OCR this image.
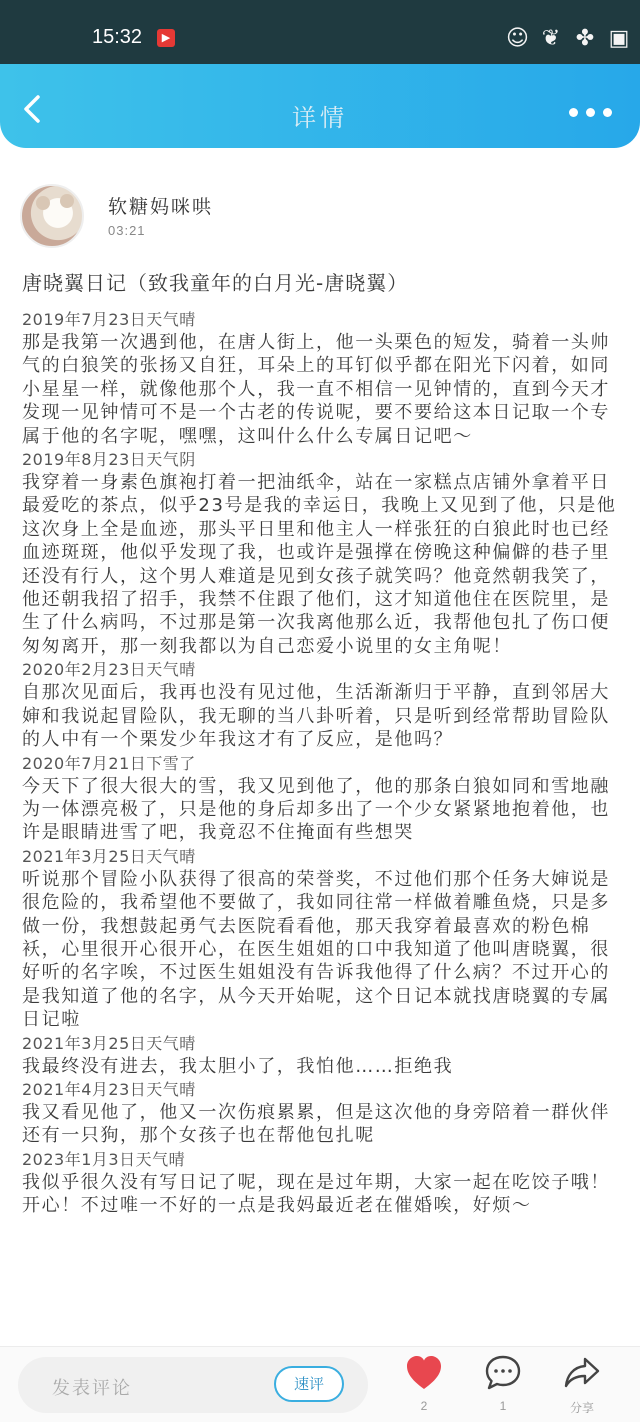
15:32	▶	☺ ❦ ✤ ▣
详情
软糖妈咪哄
03:21
唐晓翼日记（致我童年的白月光-唐晓翼）
2019年7月23日天气晴
那是我第一次遇到他，在唐人街上，他一头栗色的短发，骑着一头帅气的白狼笑的张扬又自狂，耳朵上的耳钉似乎都在阳光下闪着，如同小星星一样，就像他那个人，我一直不相信一见钟情的，直到今天才发现一见钟情可不是一个古老的传说呢，要不要给这本日记取一个专属于他的名字呢，嘿嘿，这叫什么什么专属日记吧～
2019年8月23日天气阴
我穿着一身素色旗袍打着一把油纸伞，站在一家糕点店铺外拿着平日最爱吃的茶点，似乎23号是我的幸运日，我晚上又见到了他，只是他这次身上全是血迹，那头平日里和他主人一样张狂的白狼此时也已经血迹斑斑，他似乎发现了我，也或许是强撑在傍晚这种偏僻的巷子里还没有行人，这个男人难道是见到女孩子就笑吗？他竟然朝我笑了，他还朝我招了招手，我禁不住跟了他们，这才知道他住在医院里，是生了什么病吗，不过那是第一次我离他那么近，我帮他包扎了伤口便匆匆离开，那一刻我都以为自己恋爱小说里的女主角呢！
2020年2月23日天气晴
自那次见面后，我再也没有见过他，生活渐渐归于平静，直到邻居大婶和我说起冒险队，我无聊的当八卦听着，只是听到经常帮助冒险队的人中有一个栗发少年我这才有了反应，是他吗？
2020年7月21日下雪了
今天下了很大很大的雪，我又见到他了，他的那条白狼如同和雪地融为一体漂亮极了，只是他的身后却多出了一个少女紧紧地抱着他，也许是眼睛进雪了吧，我竟忍不住掩面有些想哭
2021年3月25日天气晴
听说那个冒险小队获得了很高的荣誉奖，不过他们那个任务大婶说是很危险的，我希望他不要做了，我如同往常一样做着雕鱼烧，只是多做一份，我想鼓起勇气去医院看看他，那天我穿着最喜欢的粉色棉袄，心里很开心很开心，在医生姐姐的口中我知道了他叫唐晓翼，很好听的名字唉，不过医生姐姐没有告诉我他得了什么病？不过开心的是我知道了他的名字，从今天开始呢，这个日记本就找唐晓翼的专属日记啦
2021年3月25日天气晴
我最终没有进去，我太胆小了，我怕他……拒绝我
2021年4月23日天气晴
我又看见他了，他又一次伤痕累累，但是这次他的身旁陪着一群伙伴还有一只狗，那个女孩子也在帮他包扎呢
2023年1月3日天气晴
我似乎很久没有写日记了呢，现在是过年期，大家一起在吃饺子哦！开心！不过唯一不好的一点是我妈最近老在催婚唉，好烦～
发表评论	速评
2	1	分享
